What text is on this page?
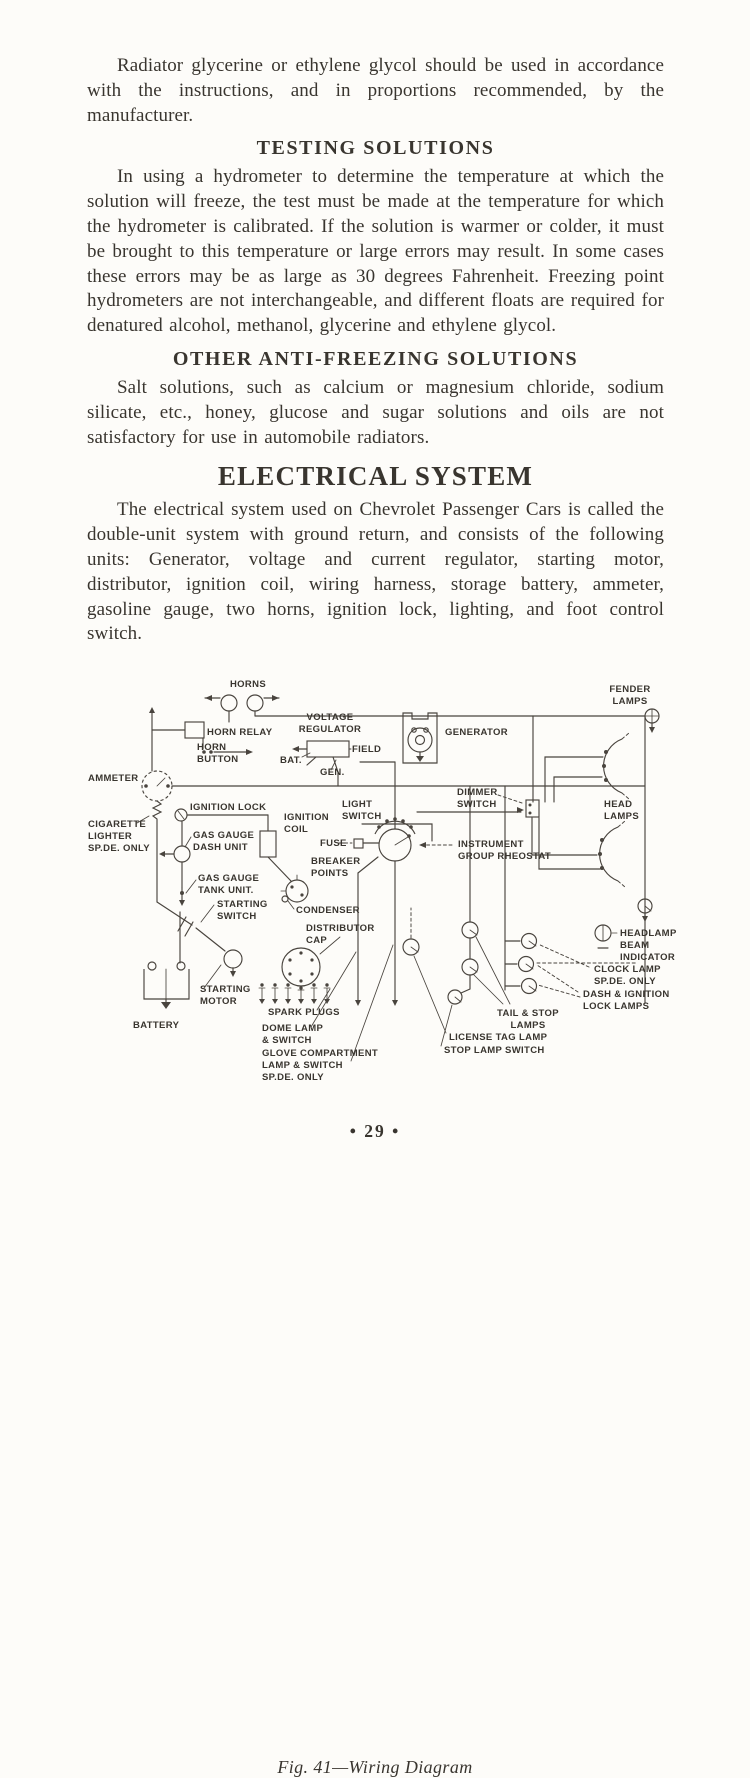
Radiator glycerine or ethylene glycol should be used in accordance with the instructions, and in proportions recommended, by the manufacturer.

TESTING SOLUTIONS

In using a hydrometer to determine the temperature at which the solution will freeze, the test must be made at the temperature for which the hydrometer is calibrated. If the solution is warmer or colder, it must be brought to this temperature or large errors may result. In some cases these errors may be as large as 30 degrees Fahrenheit. Freezing point hydrometers are not interchangeable, and different floats are required for denatured alcohol, methanol, glycerine and ethylene glycol.

OTHER ANTI-FREEZING SOLUTIONS

Salt solutions, such as calcium or magnesium chloride, sodium silicate, etc., honey, glucose and sugar solutions and oils are not satisfactory for use in automobile radiators.

ELECTRICAL SYSTEM

The electrical system used on Chevrolet Passenger Cars is called the double-unit system with ground return, and consists of the following units: Generator, voltage and current regulator, starting motor, distributor, ignition coil, wiring harness, storage battery, ammeter, gasoline gauge, two horns, ignition lock, lighting, and foot control switch.

HORNS
HORN RELAY
HORN BUTTON
VOLTAGE REGULATOR
FIELD
BAT.
GEN.
GENERATOR
FENDER LAMPS
AMMETER
DIMMER SWITCH	HEAD LAMPS
IGNITION LOCK
IGNITION COIL
LIGHT SWITCH
CIGARETTE LIGHTER SP.DE. ONLY	FUSE
GAS GAUGE DASH UNIT
BREAKER POINTS
INSTRUMENT GROUP RHEOSTAT
GAS GAUGE TANK UNIT.
CONDENSER
STARTING SWITCH
DISTRIBUTOR CAP
HEADLAMP BEAM INDICATOR
CLOCK LAMP SP.DE. ONLY
DASH & IGNITION LOCK LAMPS
STARTING MOTOR
BATTERY
SPARK PLUGS
DOME LAMP & SWITCH
GLOVE COMPARTMENT LAMP & SWITCH SP.DE. ONLY
TAIL & STOP LAMPS
LICENSE TAG LAMP
STOP LAMP SWITCH
Fig. 41—Wiring Diagram
• 29 •
